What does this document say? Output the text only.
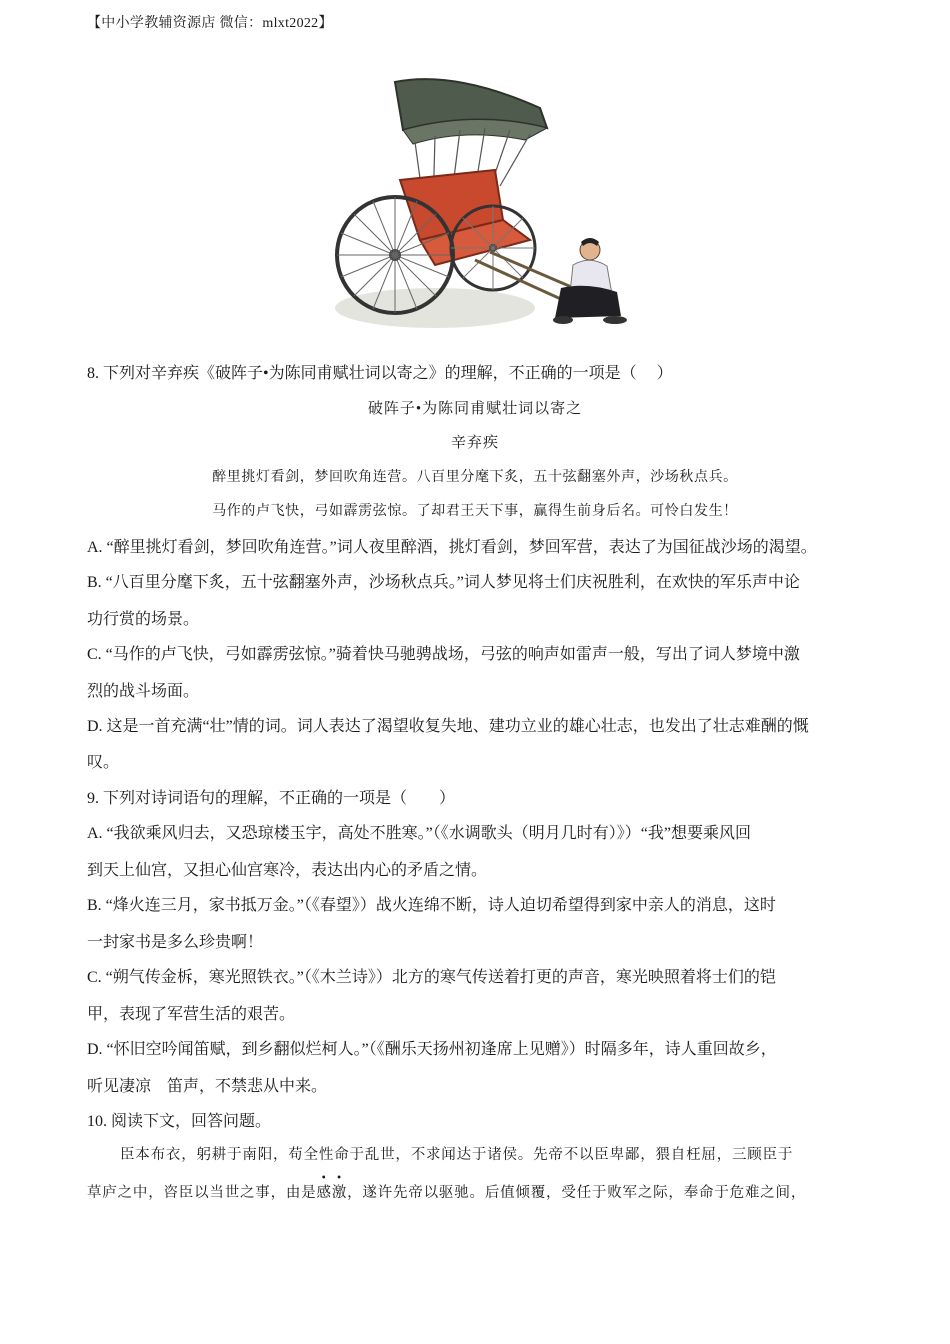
【中小学教辅资源店 微信：mlxt2022】
8. 下列对辛弃疾《破阵子•为陈同甫赋壮词以寄之》的理解，不正确的一项是（　 ）
破阵子•为陈同甫赋壮词以寄之
辛弃疾
醉里挑灯看剑，梦回吹角连营。八百里分麾下炙，五十弦翻塞外声，沙场秋点兵。
马作的卢飞快，弓如霹雳弦惊。了却君王天下事，赢得生前身后名。可怜白发生！
A. “醉里挑灯看剑，梦回吹角连营。”词人夜里醉酒，挑灯看剑，梦回军营，表达了为国征战沙场的渴望。
B. “八百里分麾下炙，五十弦翻塞外声，沙场秋点兵。”词人梦见将士们庆祝胜利，在欢快的军乐声中论
功行赏的场景。
C. “马作的卢飞快，弓如霹雳弦惊。”骑着快马驰骋战场，弓弦的响声如雷声一般，写出了词人梦境中激
烈的战斗场面。
D. 这是一首充满“壮”情的词。词人表达了渴望收复失地、建功立业的雄心壮志，也发出了壮志难酬的慨
叹。
9. 下列对诗词语句的理解，不正确的一项是（　　）
A. “我欲乘风归去，又恐琼楼玉宇，高处不胜寒。”（《水调歌头（明月几时有）》）“我”想要乘风回
到天上仙宫，又担心仙宫寒冷，表达出内心的矛盾之情。
B. “烽火连三月，家书抵万金。”（《春望》）战火连绵不断，诗人迫切希望得到家中亲人的消息，这时
一封家书是多么珍贵啊！
C. “朔气传金柝，寒光照铁衣。”（《木兰诗》）北方的寒气传送着打更的声音，寒光映照着将士们的铠
甲，表现了军营生活的艰苦。
D. “怀旧空吟闻笛赋，到乡翻似烂柯人。”（《酬乐天扬州初逢席上见赠》）时隔多年，诗人重回故乡，
听见凄凉　笛声，不禁悲从中来。
10. 阅读下文，回答问题。
臣本布衣，躬耕于南阳，苟全性命于乱世，不求闻达于诸侯。先帝不以臣卑鄙，猥自枉屈，三顾臣于
草庐之中，咨臣以当世之事，由是感激，遂许先帝以驱驰。后值倾覆，受任于败军之际，奉命于危难之间，
